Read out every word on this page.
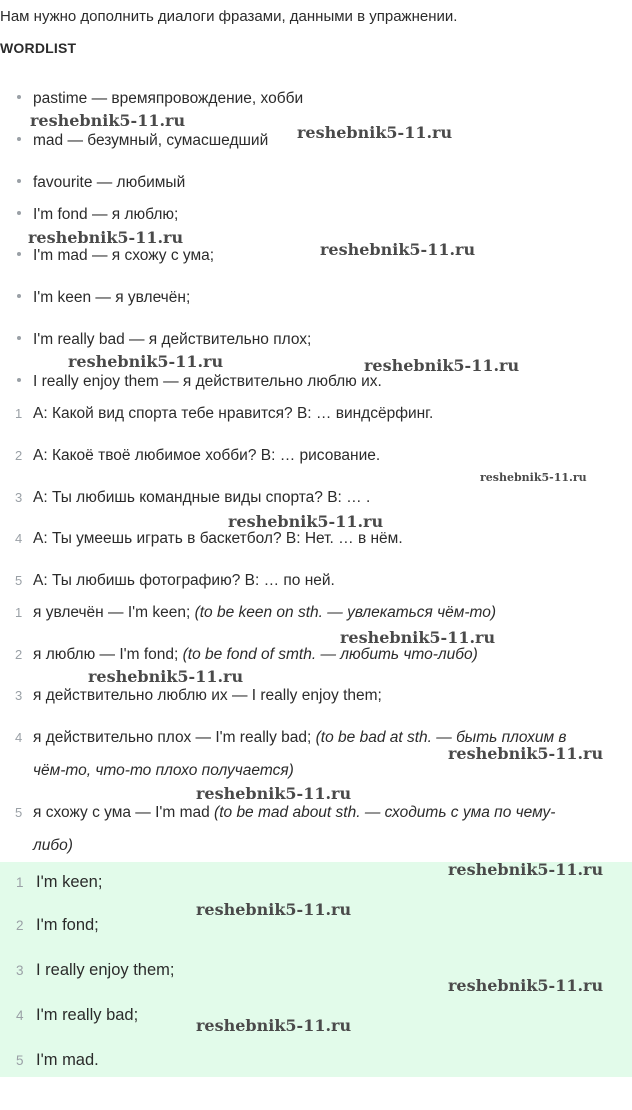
Нам нужно дополнить диалоги фразами, данными в упражнении.
WORDLIST
pastime — времяпровождение, хобби
mad — безумный, сумасшедший
favourite — любимый
I'm fond — я люблю;
I'm mad — я схожу с ума;
I'm keen — я увлечён;
I'm really bad — я действительно плох;
I really enjoy them — я действительно люблю их.
1 A: Какой вид спорта тебе нравится? B: … виндсёрфинг.
2 A: Какоё твоё любимое хобби? B: … рисование.
3 A: Ты любишь командные виды спорта? B: … .
4 A: Ты умеешь играть в баскетбол? B: Нет. … в нём.
5 A: Ты любишь фотографию? B: … по ней.
1 я увлечён — I'm keen; (to be keen on sth. — увлекаться чём-то)
2 я люблю — I'm fond; (to be fond of smth. — любить что-либо)
3 я действительно люблю их — I really enjoy them;
4 я действительно плох — I'm really bad; (to be bad at sth. — быть плохим в
чём-то, что-то плохо получается)
5 я схожу с ума — I'm mad (to be mad about sth. — сходить с ума по чему-
либо)
1 I'm keen;
2 I'm fond;
3 I really enjoy them;
4 I'm really bad;
5 I'm mad.
reshebnik5-11.ru
reshebnik5-11.ru
reshebnik5-11.ru
reshebnik5-11.ru
reshebnik5-11.ru	reshebnik5-11.ru
reshebnik5-11.ru
reshebnik5-11.ru
reshebnik5-11.ru
reshebnik5-11.ru
reshebnik5-11.ru
reshebnik5-11.ru
reshebnik5-11.ru
reshebnik5-11.ru
reshebnik5-11.ru
reshebnik5-11.ru
